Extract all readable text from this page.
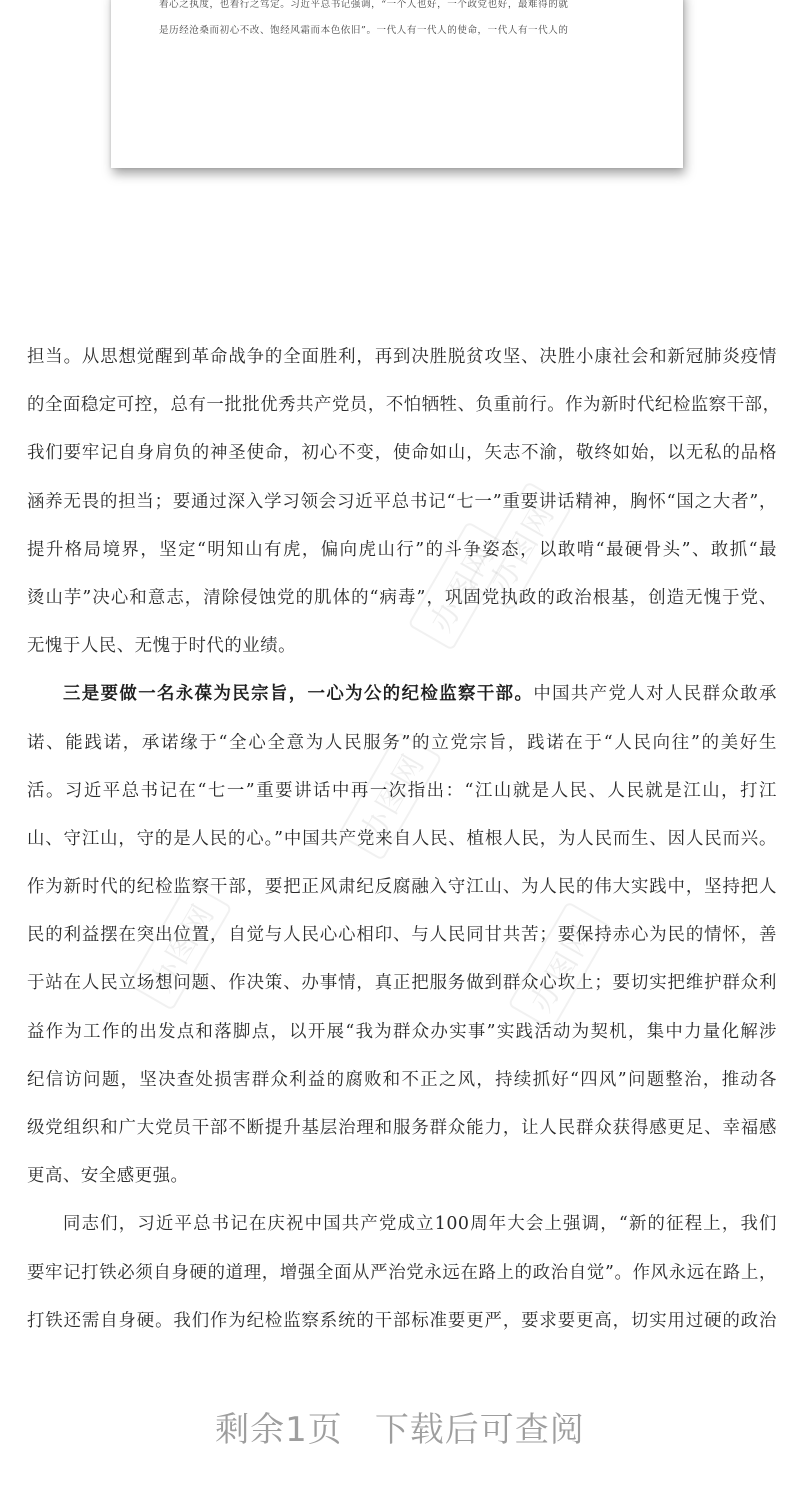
着心之执度，也着行之笃定。习近平总书记强调，“一个人也好，一个政党也好，最难得的就
是历经沧桑而初心不改、饱经风霜而本色依旧”。一代人有一代人的使命，一代人有一代人的
办图网
办图网
办图网	办图网
办图网
担当。从思想觉醒到革命战争的全面胜利，再到决胜脱贫攻坚、决胜小康社会和新冠肺炎疫情
的全面稳定可控，总有一批批优秀共产党员，不怕牺牲、负重前行。作为新时代纪检监察干部，
我们要牢记自身肩负的神圣使命，初心不变，使命如山，矢志不渝，敬终如始，以无私的品格
涵养无畏的担当；要通过深入学习领会习近平总书记“七一”重要讲话精神，胸怀“国之大者”，
提升格局境界，坚定“明知山有虎，偏向虎山行”的斗争姿态，以敢啃“最硬骨头”、敢抓“最
烫山芋”决心和意志，清除侵蚀党的肌体的“病毒”，巩固党执政的政治根基，创造无愧于党、
无愧于人民、无愧于时代的业绩。
三是要做一名永葆为民宗旨，一心为公的纪检监察干部。中国共产党人对人民群众敢承
诺、能践诺，承诺缘于“全心全意为人民服务”的立党宗旨，践诺在于“人民向往”的美好生
活。习近平总书记在“七一”重要讲话中再一次指出：“江山就是人民、人民就是江山，打江
山、守江山，守的是人民的心。”中国共产党来自人民、植根人民，为人民而生、因人民而兴。
作为新时代的纪检监察干部，要把正风肃纪反腐融入守江山、为人民的伟大实践中，坚持把人
民的利益摆在突出位置，自觉与人民心心相印、与人民同甘共苦；要保持赤心为民的情怀，善
于站在人民立场想问题、作决策、办事情，真正把服务做到群众心坎上；要切实把维护群众利
益作为工作的出发点和落脚点，以开展“我为群众办实事”实践活动为契机，集中力量化解涉
纪信访问题，坚决查处损害群众利益的腐败和不正之风，持续抓好“四风”问题整治，推动各
级党组织和广大党员干部不断提升基层治理和服务群众能力，让人民群众获得感更足、幸福感
更高、安全感更强。
同志们，习近平总书记在庆祝中国共产党成立100周年大会上强调，“新的征程上，我们
要牢记打铁必须自身硬的道理，增强全面从严治党永远在路上的政治自觉”。作风永远在路上，
打铁还需自身硬。我们作为纪检监察系统的干部标准要更严，要求要更高，切实用过硬的政治
剩余1页 下载后可查阅
